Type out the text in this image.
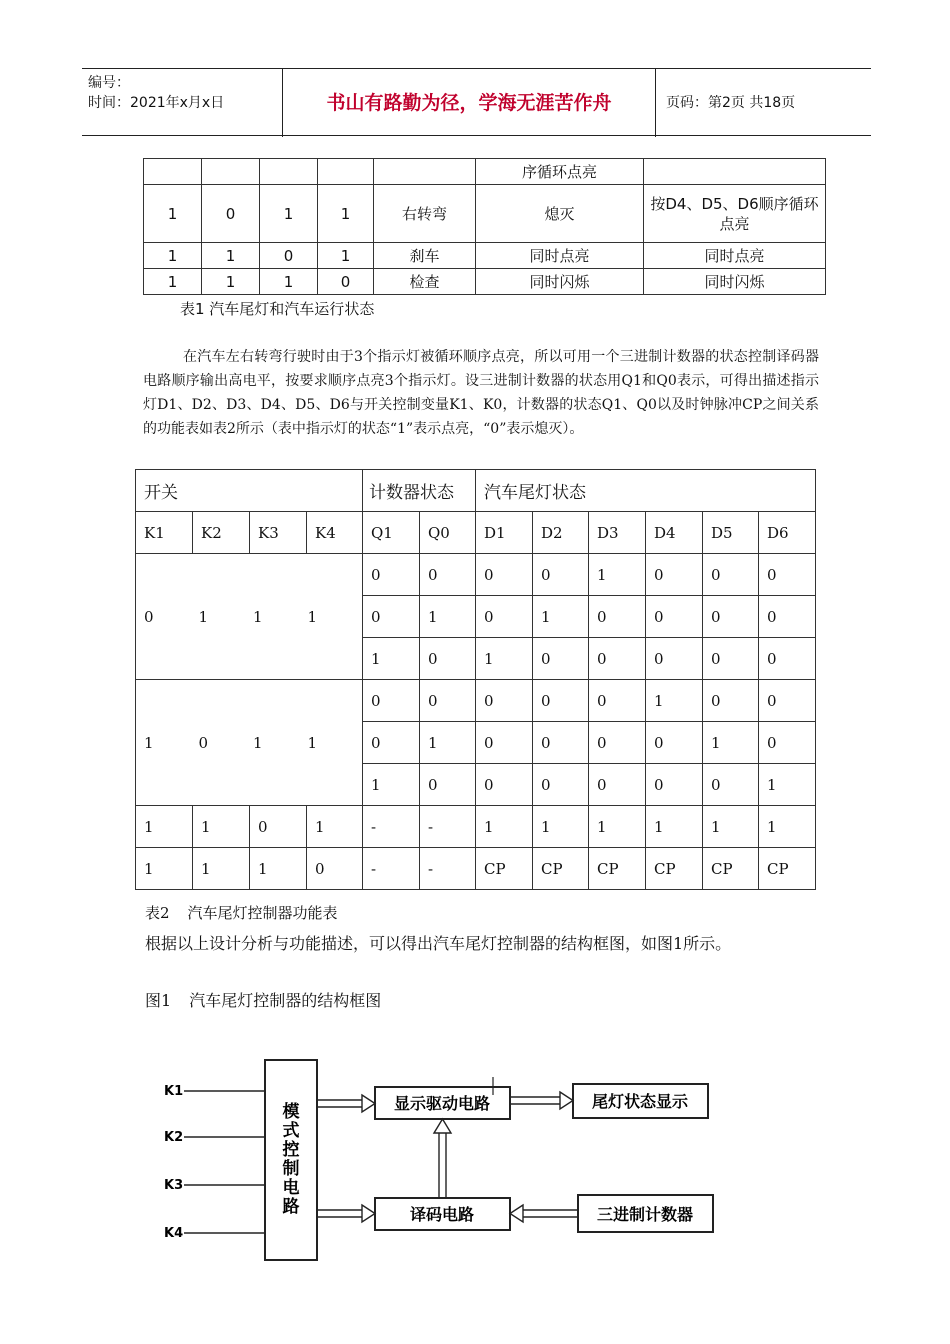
编号：
时间：2021年x月x日	书山有路勤为径，学海无涯苦作舟	页码：第2页 共18页
					序循环点亮	
1	0	1	1	右转弯	熄灭	按D4、D5、D6顺序循环点亮
1	1	0	1	刹车	同时点亮	同时点亮
1	1	1	0	检查	同时闪烁	同时闪烁
表1 汽车尾灯和汽车运行状态

在汽车左右转弯行驶时由于3个指示灯被循环顺序点亮，所以可用一个三进制计数器的状态控制译码器电路顺序输出高电平，按要求顺序点亮3个指示灯。设三进制计数器的状态用Q1和Q0表示，可得出描述指示灯D1、D2、D3、D4、D5、D6与开关控制变量K1、K0，计数器的状态Q1、Q0以及时钟脉冲CP之间关系的功能表如表2所示（表中指示灯的状态“1”表示点亮，“0”表示熄灭）。

开关				计数器状态		汽车尾灯状态					
K1	K2	K3	K4	Q1	Q0	D1	D2	D3	D4	D5	D6

0 1 1 1				0	0	0	0	1	0	0	0
				0	1	0	1	0	0	0	0
				1	0	1	0	0	0	0	0

1 0 1 1				0	0	0	0	0	1	0	0
				0	1	0	0	0	0	1	0
				1	0	0	0	0	0	0	1
1	1	0	1	-	-	1	1	1	1	1	1
1	1	1	0	-	-	CP	CP	CP	CP	CP	CP
表2 汽车尾灯控制器功能表

根据以上设计分析与功能描述，可以得出汽车尾灯控制器的结构框图，如图1所示。

图1 汽车尾灯控制器的结构框图
K1
K2
K3
K4
模
式
控
制
电
路
显示驱动电路	尾灯状态显示
译码电路	三进制计数器
